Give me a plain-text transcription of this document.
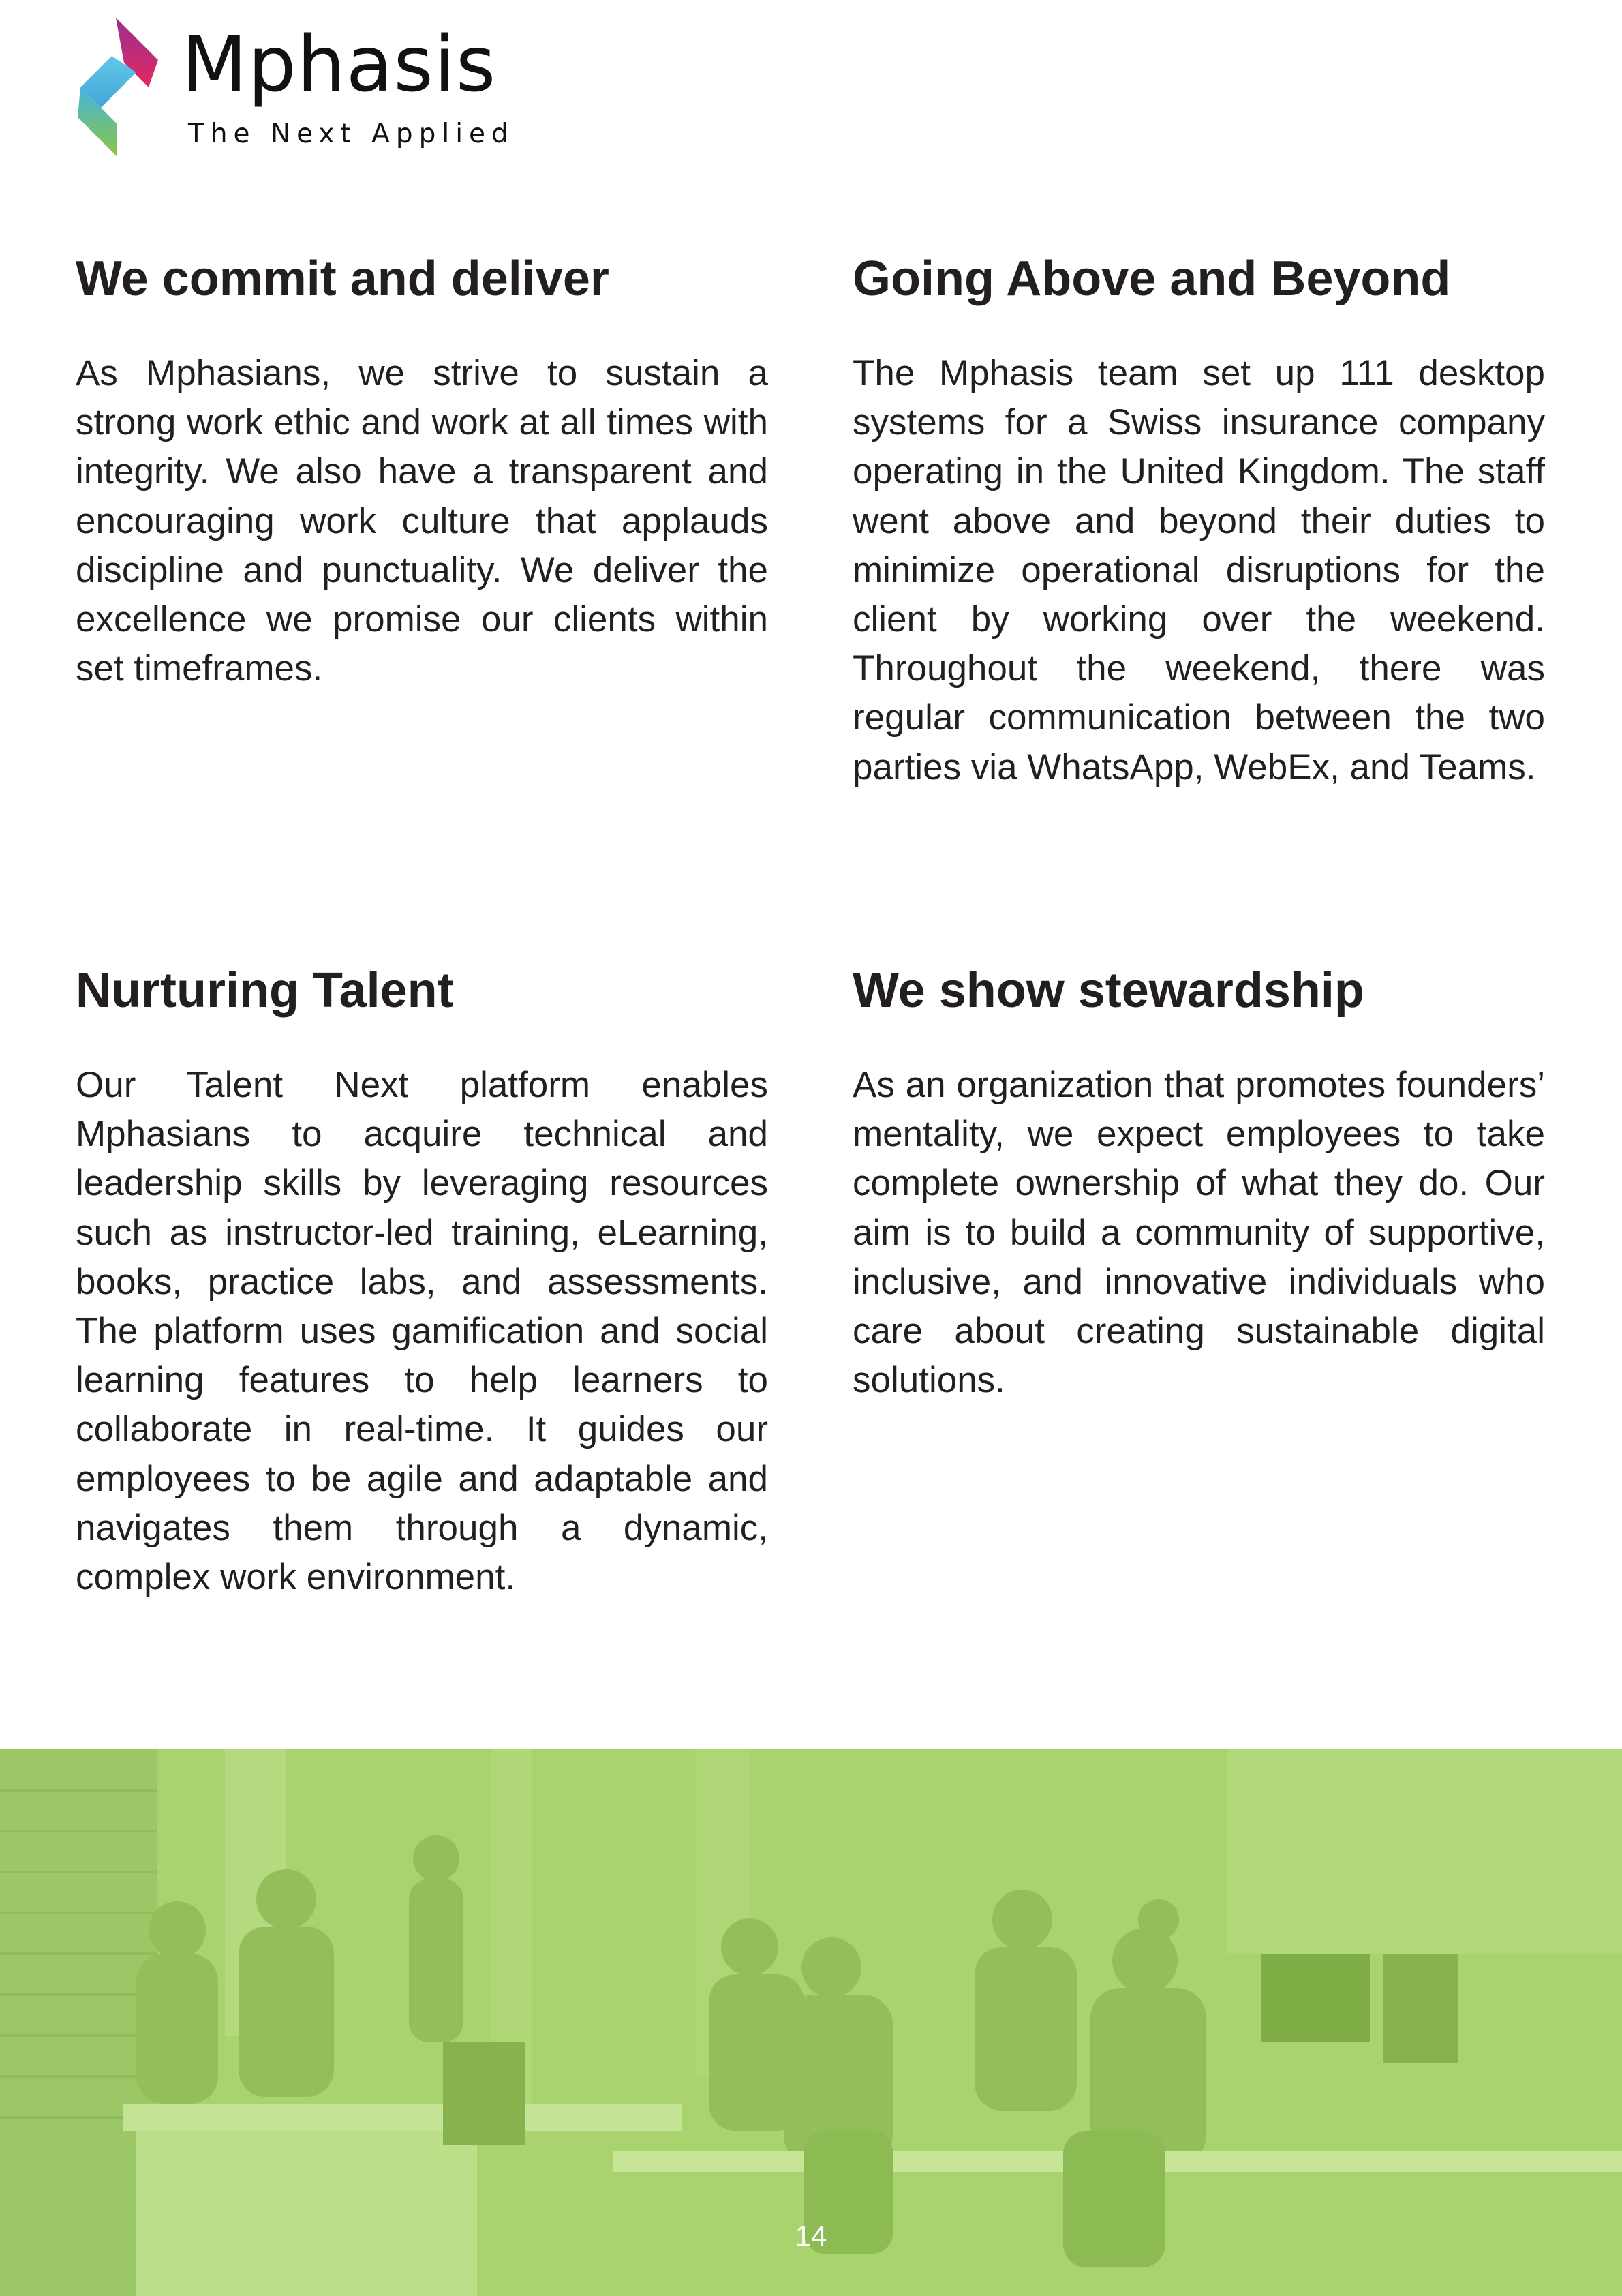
Mphasis

The Next Applied

We commit and deliver

As Mphasians, we strive to sustain a strong work ethic and work at all times with integrity. We also have a transparent and encouraging work culture that applauds discipline and punctuality. We deliver the excellence we promise our clients within set timeframes.

Going Above and Beyond

The Mphasis team set up 111 desktop systems for a Swiss insurance company operating in the United Kingdom. The staff went above and beyond their duties to minimize operational disruptions for the client by working over the weekend. Throughout the weekend, there was regular communication between the two parties via WhatsApp, WebEx, and Teams.

Nurturing Talent

Our Talent Next platform enables Mphasians to acquire technical and leadership skills by leveraging resources such as instructor-led training, eLearning, books, practice labs, and assessments. The platform uses gamification and social learning features to help learners to collaborate in real-time. It guides our employees to be agile and adaptable and navigates them through a dynamic, complex work environment.

We show stewardship

As an organization that promotes founders’ mentality, we expect employees to take complete ownership of what they do. Our aim is to build a community of supportive, inclusive, and innovative individuals who care about creating sustainable digital solutions.

14
